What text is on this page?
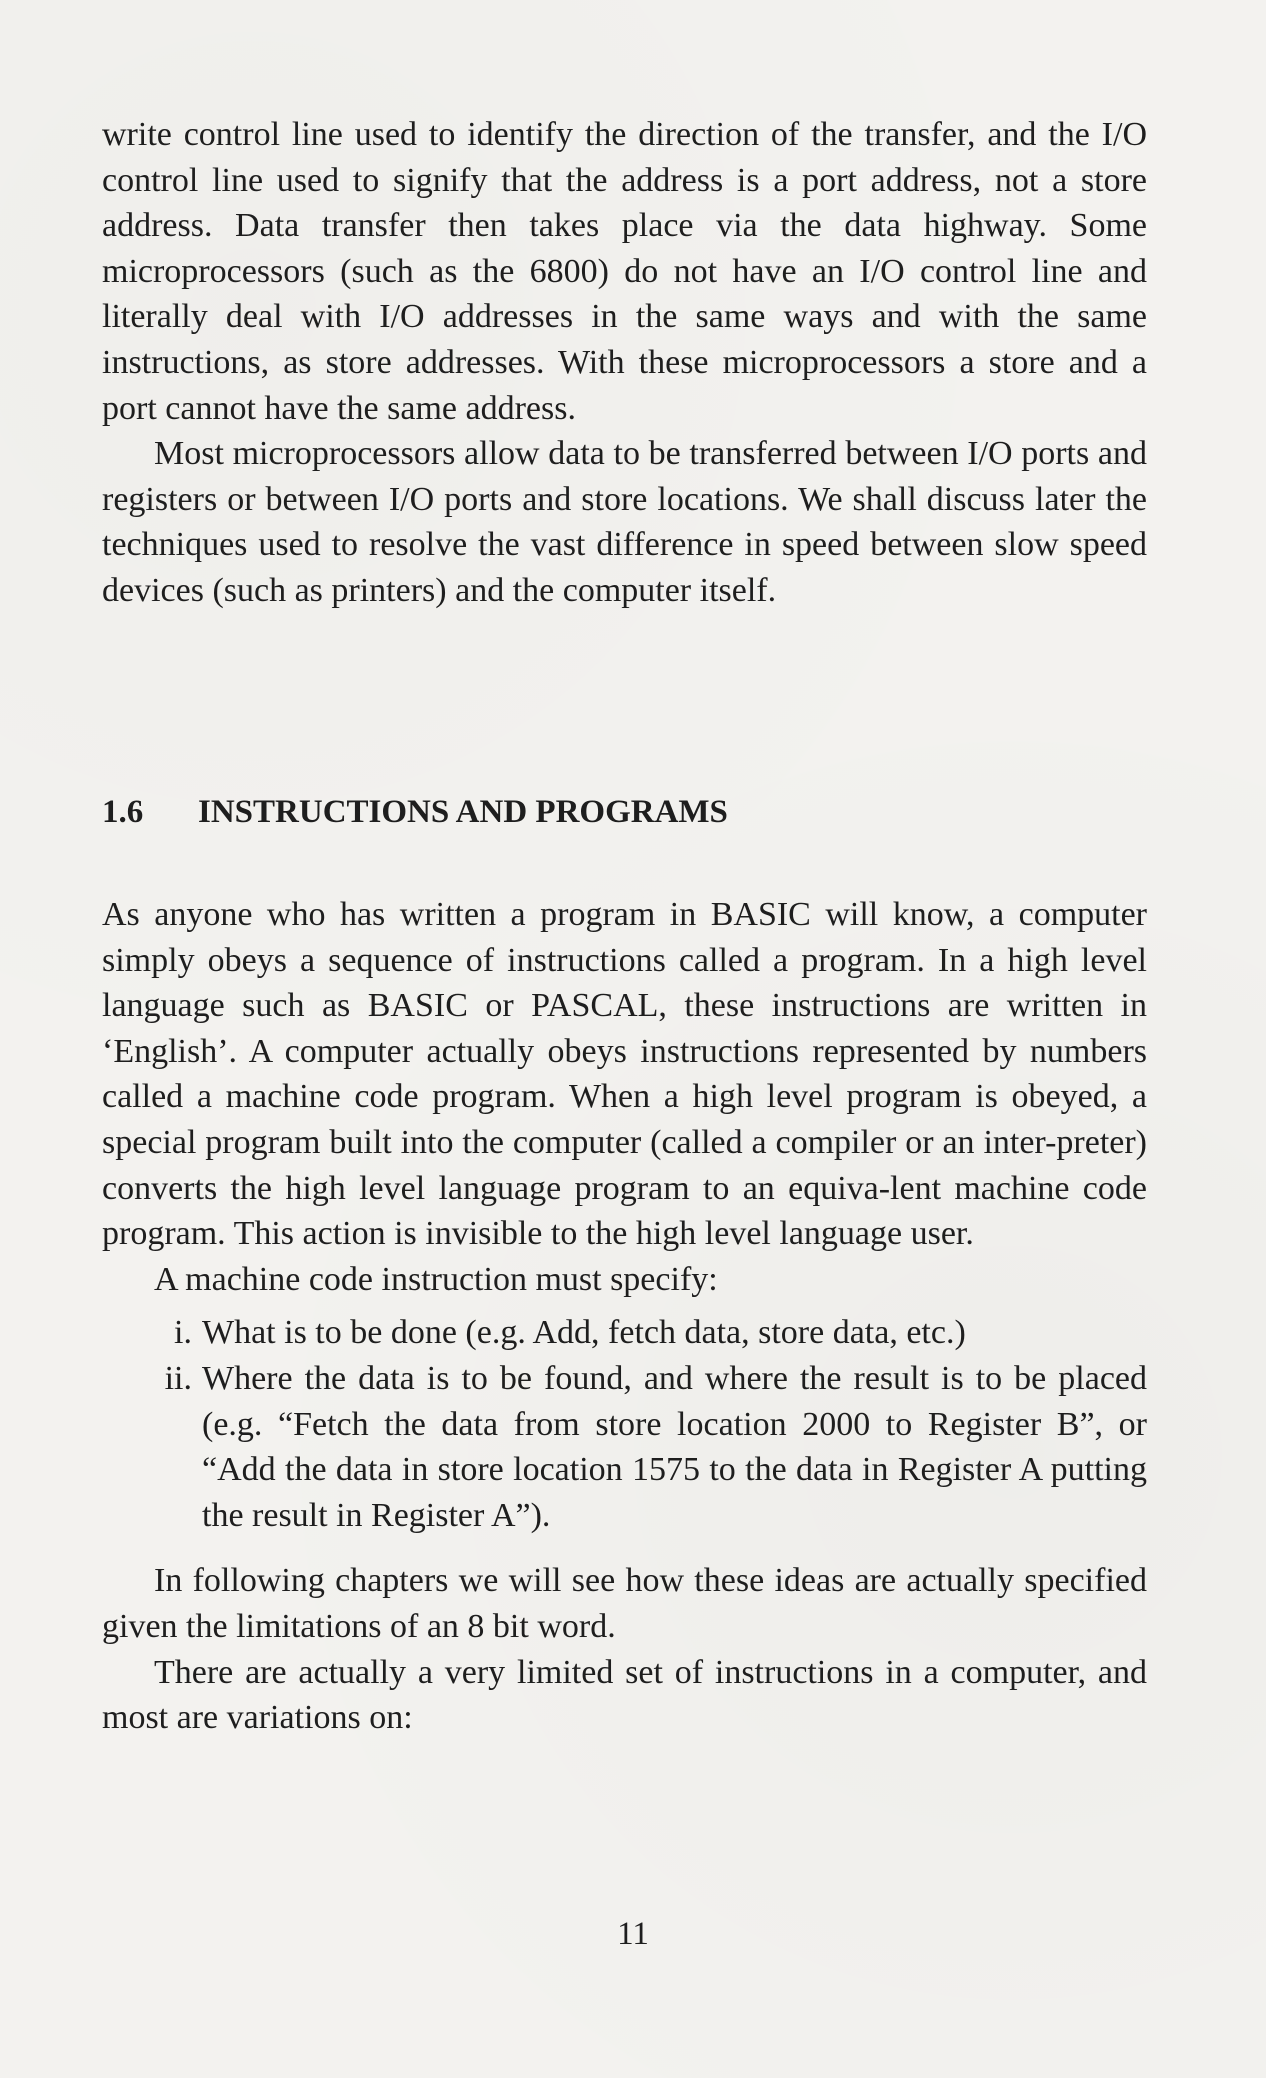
write control line used to identify the direction of the transfer, and the I/O control line used to signify that the address is a port address, not a store address. Data transfer then takes place via the data highway. Some microprocessors (such as the 6800) do not have an I/O control line and literally deal with I/O addresses in the same ways and with the same instructions, as store addresses. With these microprocessors a store and a port cannot have the same address.

Most microprocessors allow data to be transferred between I/O ports and registers or between I/O ports and store locations. We shall discuss later the techniques used to resolve the vast difference in speed between slow speed devices (such as printers) and the computer itself.

1.6 INSTRUCTIONS AND PROGRAMS

As anyone who has written a program in BASIC will know, a computer simply obeys a sequence of instructions called a program. In a high level language such as BASIC or PASCAL, these instructions are written in ‘English’. A computer actually obeys instructions represented by numbers called a machine code program. When a high level program is obeyed, a special program built into the computer (called a compiler or an inter-preter) converts the high level language program to an equiva-lent machine code program. This action is invisible to the high level language user.

A machine code instruction must specify:

i. What is to be done (e.g. Add, fetch data, store data, etc.)
ii. Where the data is to be found, and where the result is to be placed (e.g. “Fetch the data from store location 2000 to Register B”, or “Add the data in store location 1575 to the data in Register A putting the result in Register A”).

In following chapters we will see how these ideas are actually specified given the limitations of an 8 bit word.

There are actually a very limited set of instructions in a computer, and most are variations on:

11
